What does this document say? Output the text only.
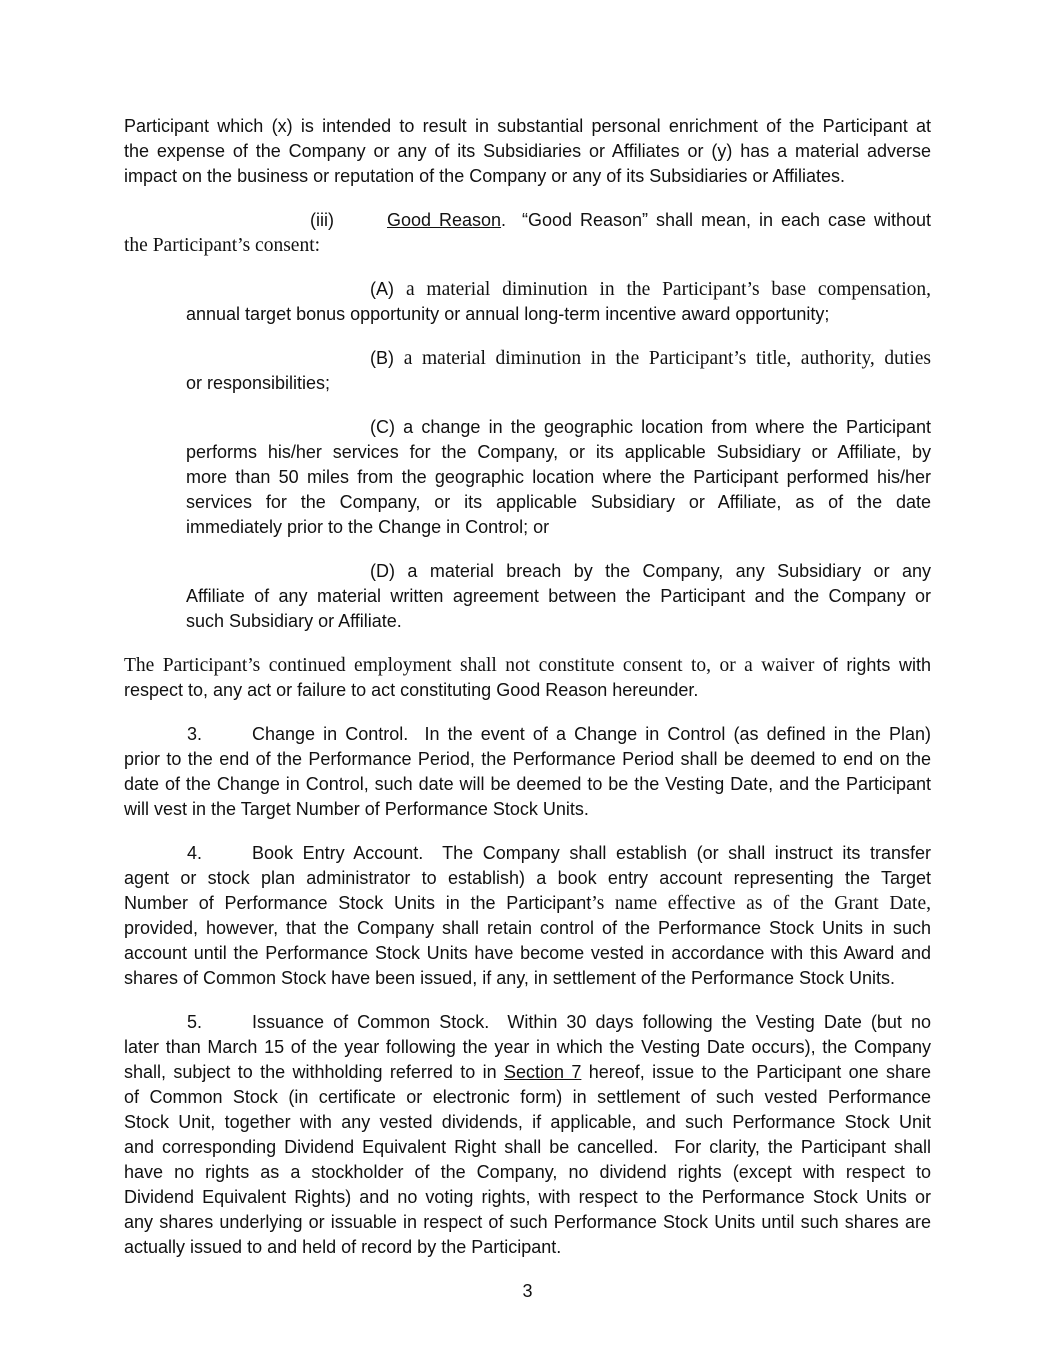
Participant which (x) is intended to result in substantial personal enrichment of the Participant at
the expense of the Company or any of its Subsidiaries or Affiliates or (y) has a material adverse
impact on the business or reputation of the Company or any of its Subsidiaries or Affiliates.
(iii)	Good Reason.  “Good Reason” shall mean, in each case without
the Participant’s consent:
(A) a material diminution in the Participant’s base compensation,
annual target bonus opportunity or annual long-term incentive award opportunity;
(B) a material diminution in the Participant’s title, authority, duties
or responsibilities;
(C) a change in the geographic location from where the Participant
performs his/her services for the Company, or its applicable Subsidiary or Affiliate, by
more than 50 miles from the geographic location where the Participant performed his/her
services for the Company, or its applicable Subsidiary or Affiliate, as of the date
immediately prior to the Change in Control; or
(D) a material breach by the Company, any Subsidiary or any
Affiliate of any material written agreement between the Participant and the Company or
such Subsidiary or Affiliate.
The Participant’s continued employment shall not constitute consent to, or a waiver of rights with
respect to, any act or failure to act constituting Good Reason hereunder.
3.	Change in Control.  In the event of a Change in Control (as defined in the Plan)
prior to the end of the Performance Period, the Performance Period shall be deemed to end on the
date of the Change in Control, such date will be deemed to be the Vesting Date, and the Participant
will vest in the Target Number of Performance Stock Units.
4.	Book Entry Account.  The Company shall establish (or shall instruct its transfer
agent or stock plan administrator to establish) a book entry account representing the Target
Number of Performance Stock Units in the Participant’s name effective as of the Grant Date,
provided, however, that the Company shall retain control of the Performance Stock Units in such
account until the Performance Stock Units have become vested in accordance with this Award and
shares of Common Stock have been issued, if any, in settlement of the Performance Stock Units.
5.	Issuance of Common Stock.  Within 30 days following the Vesting Date (but no
later than March 15 of the year following the year in which the Vesting Date occurs), the Company
shall, subject to the withholding referred to in Section 7 hereof, issue to the Participant one share
of Common Stock (in certificate or electronic form) in settlement of such vested Performance
Stock Unit, together with any vested dividends, if applicable, and such Performance Stock Unit
and corresponding Dividend Equivalent Right shall be cancelled.  For clarity, the Participant shall
have no rights as a stockholder of the Company, no dividend rights (except with respect to
Dividend Equivalent Rights) and no voting rights, with respect to the Performance Stock Units or
any shares underlying or issuable in respect of such Performance Stock Units until such shares are
actually issued to and held of record by the Participant.
3
